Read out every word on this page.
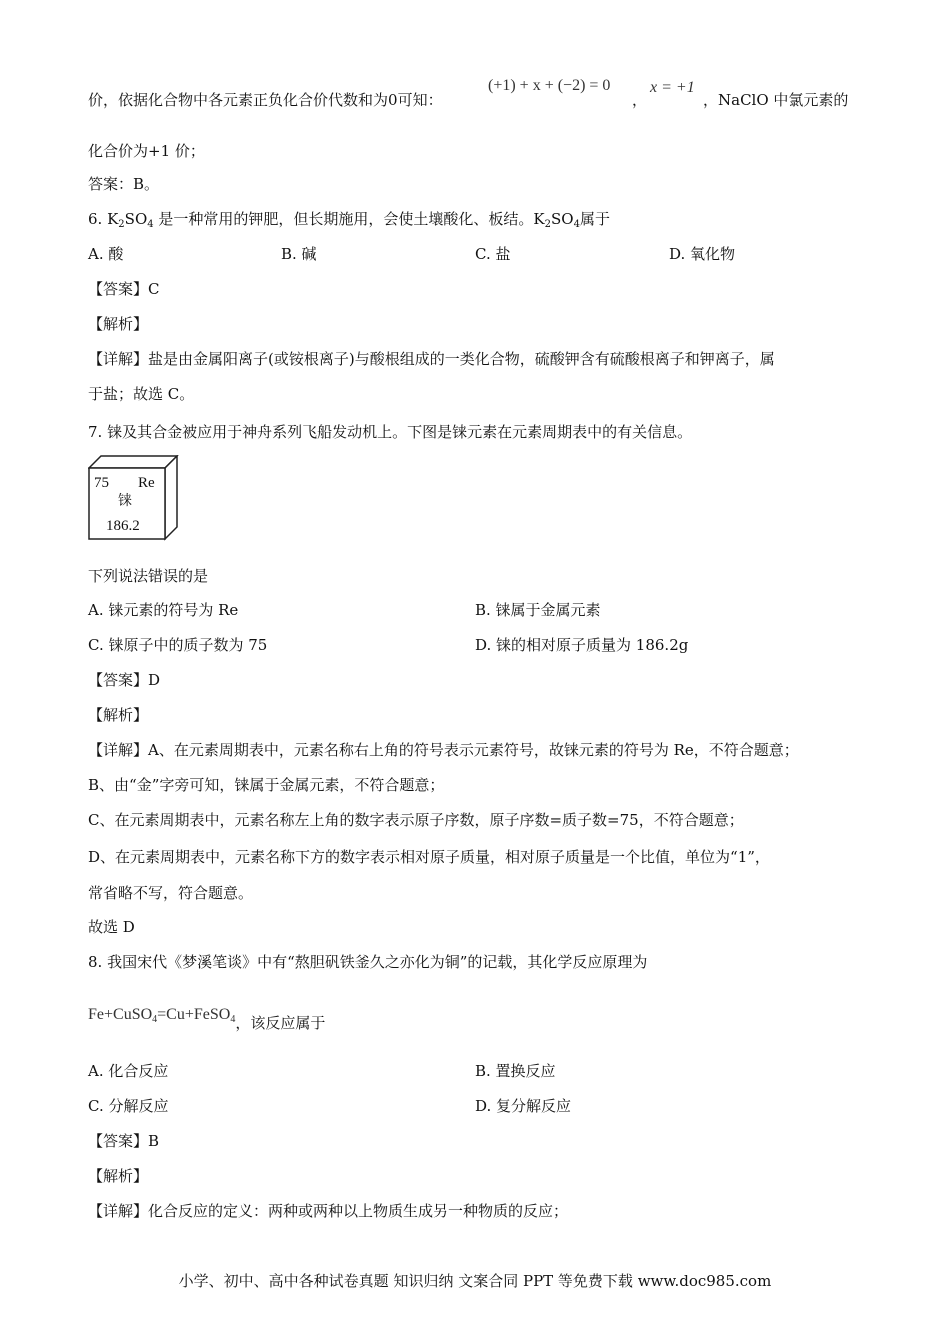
价，依据化合物中各元素正负化合价代数和为0可知：
(+1) + x + (−2) = 0
，
x = +1
，NaClO 中氯元素的
化合价为+1 价；
答案：B。
6. $K_2SO_4$ 是一种常用的钾肥，但长期施用，会使土壤酸化、板结。$K_2SO_4$属于
A. 酸	B. 碱	C. 盐	D. 氧化物
【答案】C
【解析】
【详解】盐是由金属阳离子(或铵根离子)与酸根组成的一类化合物，硫酸钾含有硫酸根离子和钾离子，属
于盐；故选 C。
7. 铼及其合金被应用于神舟系列飞船发动机上。下图是铼元素在元素周期表中的有关信息。
75 Re
铼
186.2
下列说法错误的是
A. 铼元素的符号为 Re	B. 铼属于金属元素
C. 铼原子中的质子数为 75	D. 铼的相对原子质量为 186.2g
【答案】D
【解析】
【详解】A、在元素周期表中，元素名称右上角的符号表示元素符号，故铼元素的符号为 Re，不符合题意；
B、由“金”字旁可知，铼属于金属元素，不符合题意；
C、在元素周期表中，元素名称左上角的数字表示原子序数，原子序数=质子数=75，不符合题意；
D、在元素周期表中，元素名称下方的数字表示相对原子质量，相对原子质量是一个比值，单位为“1”，
常省略不写，符合题意。
故选 D
8. 我国宋代《梦溪笔谈》中有“熬胆矾铁釜久之亦化为铜”的记载，其化学反应原理为
Fe+CuSO$_4$=Cu+FeSO$_4$，该反应属于
A. 化合反应	B. 置换反应
C. 分解反应	D. 复分解反应
【答案】B
【解析】
【详解】化合反应的定义：两种或两种以上物质生成另一种物质的反应；
小学、初中、高中各种试卷真题 知识归纳 文案合同 PPT 等免费下载 www.doc985.com
